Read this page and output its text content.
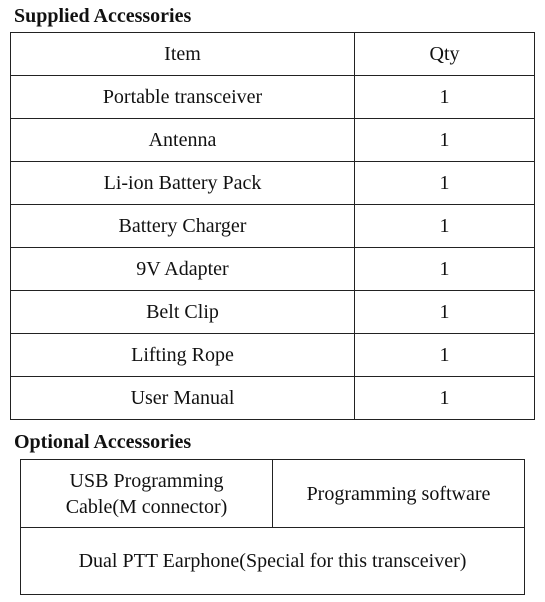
Supplied Accessories
Item	Qty
Portable transceiver	1
Antenna	1
Li-ion Battery Pack	1
Battery Charger	1
9V Adapter	1
Belt Clip	1
Lifting Rope	1
User Manual	1
Optional Accessories
USB Programming
Cable(M connector)	Programming software
Dual PTT Earphone(Special for this transceiver)
